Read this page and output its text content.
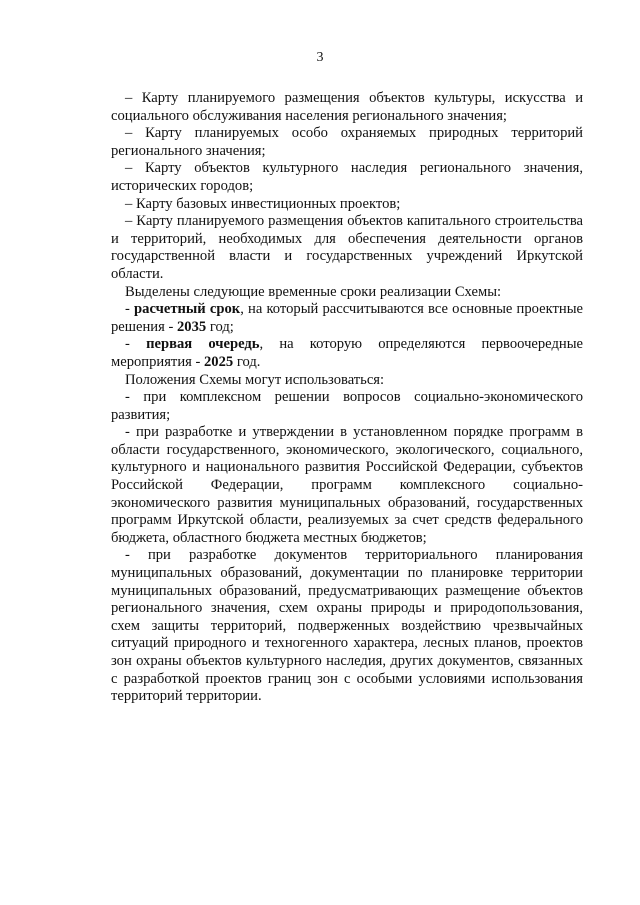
3

– Карту планируемого размещения объектов культуры, искусства и социального обслуживания населения регионального значения;

– Карту планируемых особо охраняемых природных территорий регионального значения;

– Карту объектов культурного наследия регионального значения, исторических городов;

– Карту базовых инвестиционных проектов;

– Карту планируемого размещения объектов капитального строительства и территорий, необходимых для обеспечения деятельности органов государственной власти и государственных учреждений Иркутской области.

Выделены следующие временные сроки реализации Схемы:

- расчетный срок, на который рассчитываются все основные проектные решения - 2035 год;

- первая очередь, на которую определяются первоочередные мероприятия - 2025 год.

Положения Схемы могут использоваться:

- при комплексном решении вопросов социально-экономического развития;

- при разработке и утверждении в установленном порядке программ в области государственного, экономического, экологического, социального, культурного и национального развития Российской Федерации, субъектов Российской Федерации, программ комплексного социально-экономического развития муниципальных образований, государственных программ Иркутской области, реализуемых за счет средств федерального бюджета, областного бюджета местных бюджетов;

- при разработке документов территориального планирования муниципальных образований, документации по планировке территории муниципальных образований, предусматривающих размещение объектов регионального значения, схем охраны природы и природопользования, схем защиты территорий, подверженных воздействию чрезвычайных ситуаций природного и техногенного характера, лесных планов, проектов зон охраны объектов культурного наследия, других документов, связанных с разработкой проектов границ зон с особыми условиями использования территорий территории.
